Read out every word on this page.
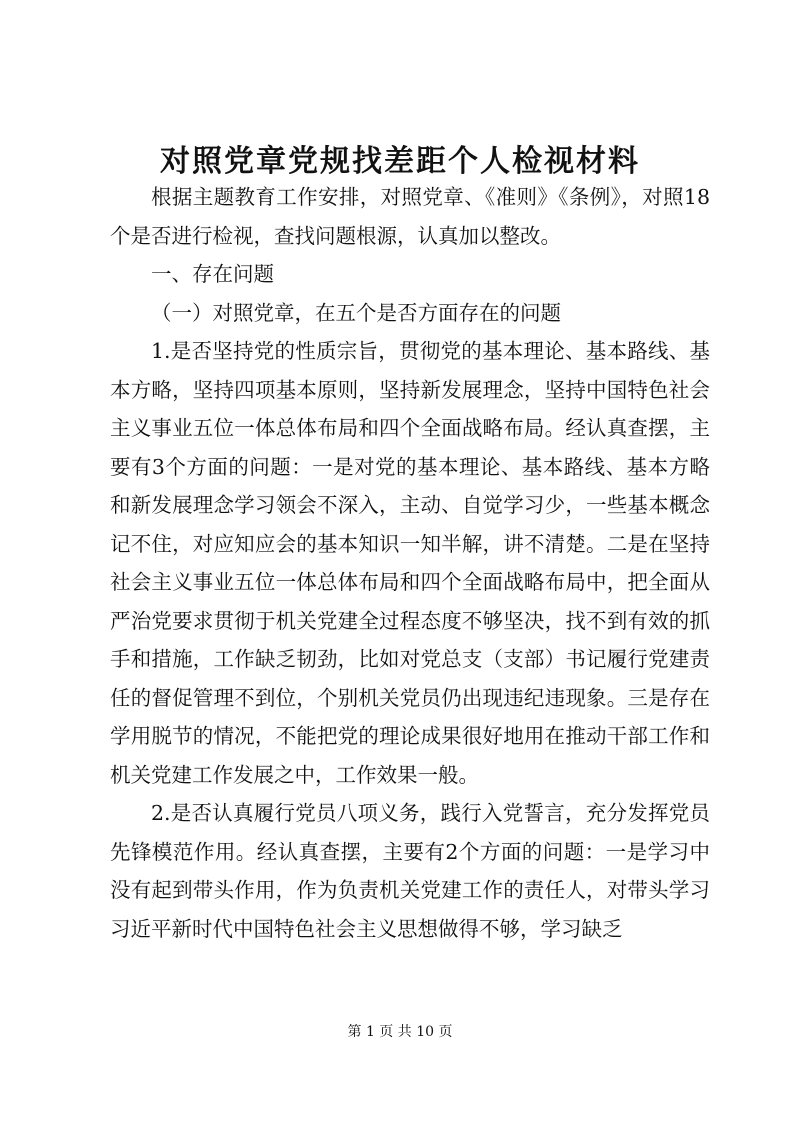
对照党章党规找差距个人检视材料

根据主题教育工作安排，对照党章、《准则》《条例》，对照18个是否进行检视，查找问题根源，认真加以整改。

一、存在问题

（一）对照党章，在五个是否方面存在的问题

1.是否坚持党的性质宗旨，贯彻党的基本理论、基本路线、基本方略，坚持四项基本原则，坚持新发展理念，坚持中国特色社会主义事业五位一体总体布局和四个全面战略布局。经认真查摆，主要有3个方面的问题：一是对党的基本理论、基本路线、基本方略和新发展理念学习领会不深入，主动、自觉学习少，一些基本概念记不住，对应知应会的基本知识一知半解，讲不清楚。二是在坚持社会主义事业五位一体总体布局和四个全面战略布局中，把全面从严治党要求贯彻于机关党建全过程态度不够坚决，找不到有效的抓手和措施，工作缺乏韧劲，比如对党总支（支部）书记履行党建责任的督促管理不到位，个别机关党员仍出现违纪违现象。三是存在学用脱节的情况，不能把党的理论成果很好地用在推动干部工作和机关党建工作发展之中，工作效果一般。

2.是否认真履行党员八项义务，践行入党誓言，充分发挥党员先锋模范作用。经认真查摆，主要有2个方面的问题：一是学习中没有起到带头作用，作为负责机关党建工作的责任人，对带头学习习近平新时代中国特色社会主义思想做得不够，学习缺乏

第 1 页 共 10 页
